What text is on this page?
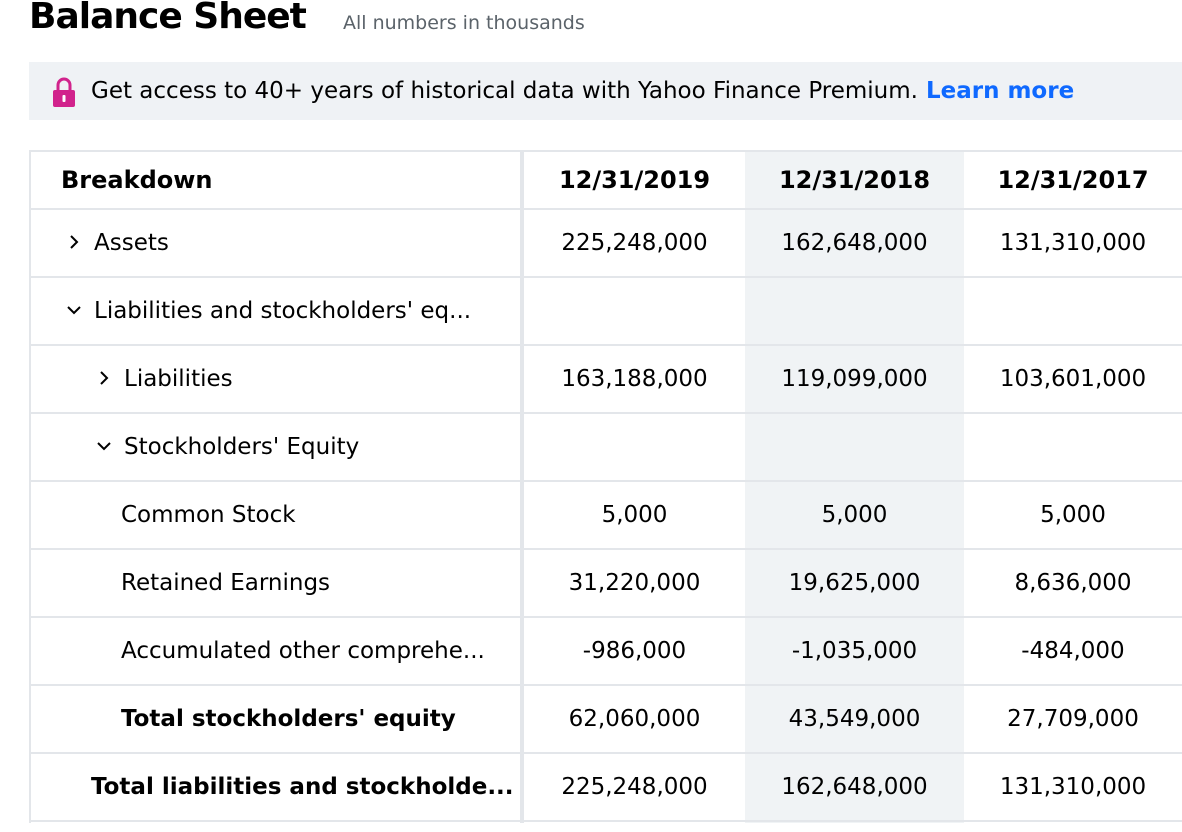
Balance Sheet All numbers in thousands
Get access to 40+ years of historical data with Yahoo Finance Premium. Learn more
Breakdown	12/31/2019	12/31/2018	12/31/2017
Assets	225,248,000	162,648,000	131,310,000
Liabilities and stockholders' eq...
Liabilities	163,188,000	119,099,000	103,601,000
Stockholders' Equity
Common Stock	5,000	5,000	5,000
Retained Earnings	31,220,000	19,625,000	8,636,000
Accumulated other comprehe...	-986,000	-1,035,000	-484,000
Total stockholders' equity	62,060,000	43,549,000	27,709,000
Total liabilities and stockholde...	225,248,000	162,648,000	131,310,000
